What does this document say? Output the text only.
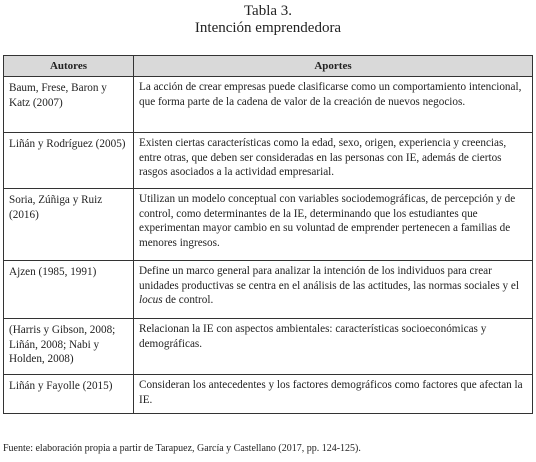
Tabla 3.
Intención emprendedora
Autores	Aportes

Baum, Frese, Baron y Katz (2007)	La acción de crear empresas puede clasificarse como un comportamiento intencional, que forma parte de la cadena de valor de la creación de nuevos negocios.

Liñán y Rodríguez (2005)	Existen ciertas características como la edad, sexo, origen, experiencia y creencias, entre otras, que deben ser consideradas en las personas con IE, además de ciertos rasgos asociados a la actividad empresarial.

Soria, Zúñiga y Ruiz (2016)	Utilizan un modelo conceptual con variables sociodemográficas, de percepción y de control, como determinantes de la IE, determinando que los estudiantes que experimentan mayor cambio en su voluntad de emprender pertenecen a familias de menores ingresos.

Ajzen (1985, 1991)	Define un marco general para analizar la intención de los individuos para crear unidades productivas se centra en el análisis de las actitudes, las normas sociales y el locus de control.

(Harris y Gibson, 2008; Liñán, 2008; Nabi y Holden, 2008)	Relacionan la IE con aspectos ambientales: características socioeconómicas y demográficas.

Liñán y Fayolle (2015)	Consideran los antecedentes y los factores demográficos como factores que afectan la IE.
Fuente: elaboración propia a partir de Tarapuez, García y Castellano (2017, pp. 124-125).
